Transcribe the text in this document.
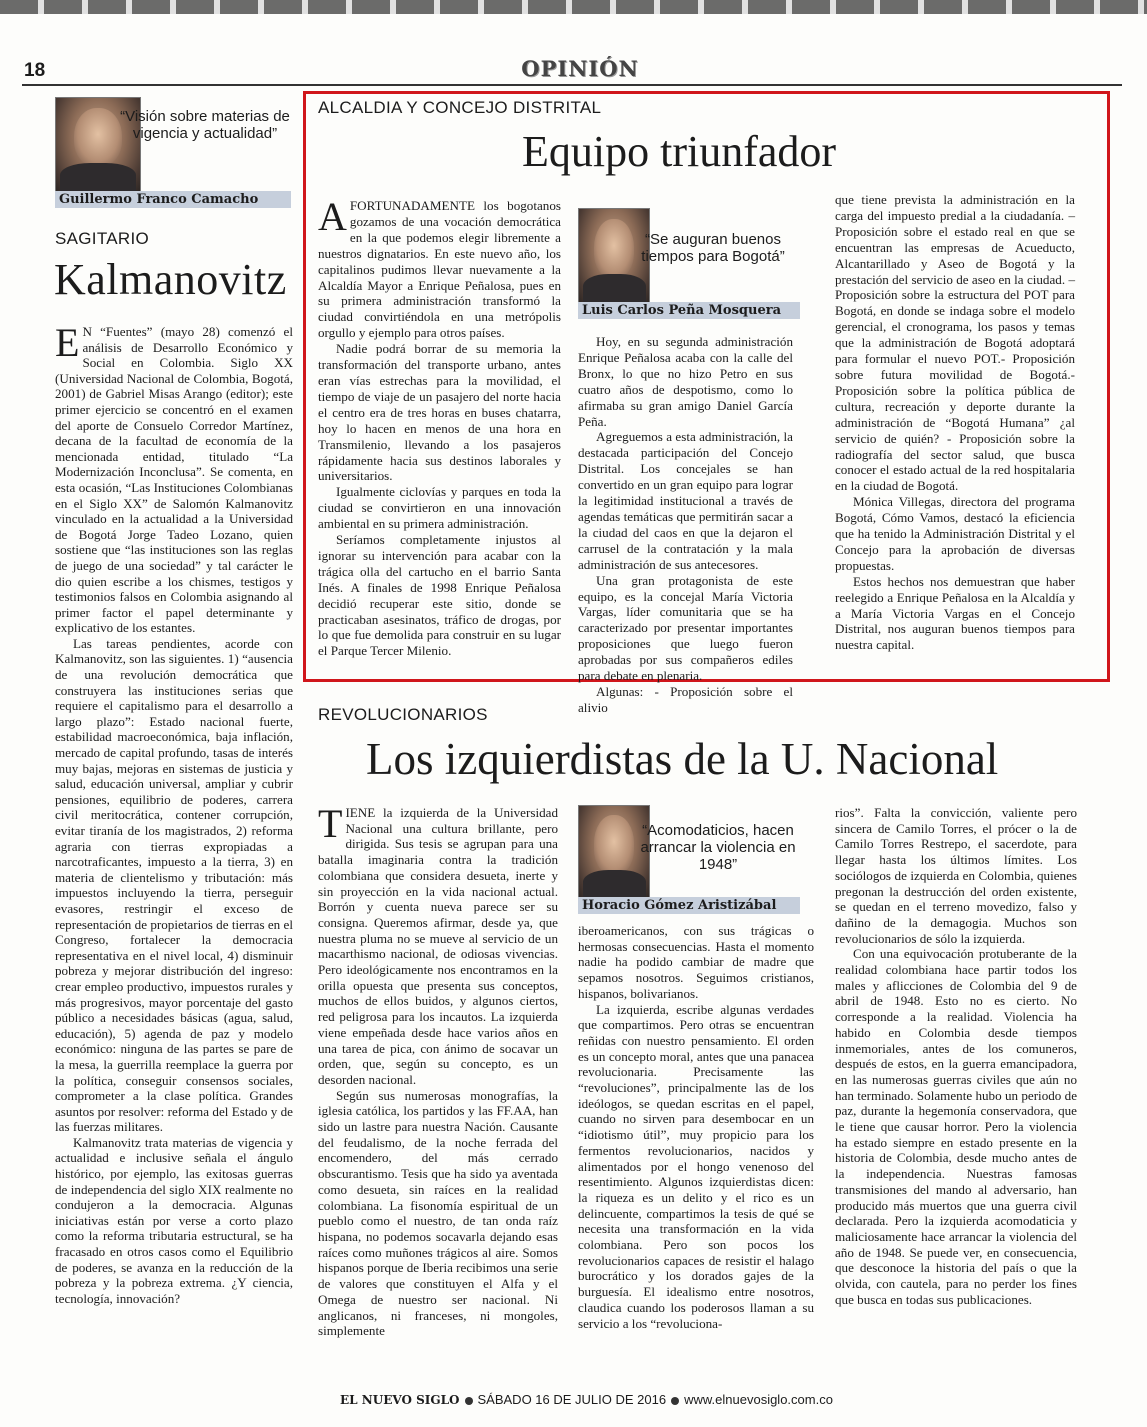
18	OPINIÓN
“Visión sobre materias de vigencia y actualidad”
Guillermo Franco Camacho
SAGITARIO
Kalmanovitz

E N “Fuentes” (mayo 28) comenzó el análisis de Desarrollo Económico y Social en Colombia. Siglo XX (Universidad Nacional de Colombia, Bogotá, 2001) de Gabriel Misas Arango (editor); este primer ejercicio se concentró en el examen del aporte de Consuelo Corredor Martínez, decana de la facultad de economía de la mencionada entidad, titulado “La Modernización Inconclusa”. Se comenta, en esta ocasión, “Las Instituciones Colombianas en el Siglo XX” de Salomón Kalmanovitz vinculado en la actualidad a la Universidad de Bogotá Jorge Tadeo Lozano, quien sostiene que “las instituciones son las reglas de juego de una sociedad” y tal carácter le dio quien escribe a los chismes, testigos y testimonios falsos en Colombia asignando al primer factor el papel determinante y explicativo de los estantes.

Las tareas pendientes, acorde con Kalmanovitz, son las siguientes. 1) “ausencia de una revolución democrática que construyera las instituciones serias que requiere el capitalismo para el desarrollo a largo plazo”: Estado nacional fuerte, estabilidad macroeconómica, baja inflación, mercado de capital profundo, tasas de interés muy bajas, mejoras en sistemas de justicia y salud, educación universal, ampliar y cubrir pensiones, equilibrio de poderes, carrera civil meritocrática, contener corrupción, evitar tiranía de los magistrados, 2) reforma agraria con tierras expropiadas a narcotraficantes, impuesto a la tierra, 3) en materia de clientelismo y tributación: más impuestos incluyendo la tierra, perseguir evasores, restringir el exceso de representación de propietarios de tierras en el Congreso, fortalecer la democracia representativa en el nivel local, 4) disminuir pobreza y mejorar distribución del ingreso: crear empleo productivo, impuestos rurales y más progresivos, mayor porcentaje del gasto público a necesidades básicas (agua, salud, educación), 5) agenda de paz y modelo económico: ninguna de las partes se pare de la mesa, la guerrilla reemplace la guerra por la política, conseguir consensos sociales, comprometer a la clase política. Grandes asuntos por resolver: reforma del Estado y de las fuerzas militares.

Kalmanovitz trata materias de vigencia y actualidad e inclusive señala el ángulo histórico, por ejemplo, las exitosas guerras de independencia del siglo XIX realmente no condujeron a la democracia. Algunas iniciativas están por verse a corto plazo como la reforma tributaria estructural, se ha fracasado en otros casos como el Equilibrio de poderes, se avanza en la reducción de la pobreza y la pobreza extrema. ¿Y ciencia, tecnología, innovación?

ALCALDIA Y CONCEJO DISTRITAL
Equipo triunfador

AFORTUNADAMENTE los bogotanos gozamos de una vocación democrática en la que podemos elegir libremente a nuestros dignatarios. En este nuevo año, los capitalinos pudimos llevar nuevamente a la Alcaldía Mayor a Enrique Peñalosa, pues en su primera administración transformó la ciudad convirtiéndola en una metrópolis orgullo y ejemplo para otros países.

Nadie podrá borrar de su memoria la transformación del transporte urbano, antes eran vías estrechas para la movilidad, el tiempo de viaje de un pasajero del norte hacia el centro era de tres horas en buses chatarra, hoy lo hacen en menos de una hora en Transmilenio, llevando a los pasajeros rápidamente hacia sus destinos laborales y universitarios.

Igualmente ciclovías y parques en toda la ciudad se convirtieron en una innovación ambiental en su primera administración.

Seríamos completamente injustos al ignorar su intervención para acabar con la trágica olla del cartucho en el barrio Santa Inés. A finales de 1998 Enrique Peñalosa decidió recuperar este sitio, donde se practicaban asesinatos, tráfico de drogas, por lo que fue demolida para construir en su lugar el Parque Tercer Milenio.

“Se auguran buenos tiempos para Bogotá”
Luis Carlos Peña Mosquera

Hoy, en su segunda administración Enrique Peñalosa acaba con la calle del Bronx, lo que no hizo Petro en sus cuatro años de despotismo, como lo afirmaba su gran amigo Daniel García Peña.

Agreguemos a esta administración, la destacada participación del Concejo Distrital. Los concejales se han convertido en un gran equipo para lograr la legitimidad institucional a través de agendas temáticas que permitirán sacar a la ciudad del caos en que la dejaron el carrusel de la contratación y la mala administración de sus antecesores.

Una gran protagonista de este equipo, es la concejal María Victoria Vargas, líder comunitaria que se ha caracterizado por presentar importantes proposiciones que luego fueron aprobadas por sus compañeros ediles para debate en plenaria.

Algunas: - Proposición sobre el alivio

que tiene prevista la administración en la carga del impuesto predial a la ciudadanía. – Proposición sobre el estado real en que se encuentran las empresas de Acueducto, Alcantarillado y Aseo de Bogotá y la prestación del servicio de aseo en la ciudad. – Proposición sobre la estructura del POT para Bogotá, en donde se indaga sobre el modelo gerencial, el cronograma, los pasos y temas que la administración de Bogotá adoptará para formular el nuevo POT.- Proposición sobre futura movilidad de Bogotá.- Proposición sobre la política pública de cultura, recreación y deporte durante la administración de “Bogotá Humana” ¿al servicio de quién? - Proposición sobre la radiografía del sector salud, que busca conocer el estado actual de la red hospitalaria en la ciudad de Bogotá.

Mónica Villegas, directora del programa Bogotá, Cómo Vamos, destacó la eficiencia que ha tenido la Administración Distrital y el Concejo para la aprobación de diversas propuestas.

Estos hechos nos demuestran que haber reelegido a Enrique Peñalosa en la Alcaldía y a María Victoria Vargas en el Concejo Distrital, nos auguran buenos tiempos para nuestra capital.

REVOLUCIONARIOS
Los izquierdistas de la U. Nacional

TIENE la izquierda de la Universidad Nacional una cultura brillante, pero dirigida. Sus tesis se agrupan para una batalla imaginaria contra la tradición colombiana que considera desueta, inerte y sin proyección en la vida nacional actual. Borrón y cuenta nueva parece ser su consigna. Queremos afirmar, desde ya, que nuestra pluma no se mueve al servicio de un macarthismo nacional, de odiosas vivencias. Pero ideológicamente nos encontramos en la orilla opuesta que presenta sus conceptos, muchos de ellos buidos, y algunos ciertos, red peligrosa para los incautos. La izquierda viene empeñada desde hace varios años en una tarea de pica, con ánimo de socavar un orden, que, según su concepto, es un desorden nacional.

Según sus numerosas monografías, la iglesia católica, los partidos y las FF.AA, han sido un lastre para nuestra Nación. Causante del feudalismo, de la noche ferrada del encomendero, del más cerrado obscurantismo. Tesis que ha sido ya aventada como desueta, sin raíces en la realidad colombiana. La fisonomía espiritual de un pueblo como el nuestro, de tan onda raíz hispana, no podemos socavarla dejando esas raíces como muñones trágicos al aire. Somos hispanos porque de Iberia recibimos una serie de valores que constituyen el Alfa y el Omega de nuestro ser nacional. Ni anglicanos, ni franceses, ni mongoles, simplemente

“Acomodaticios, hacen arrancar la violencia en 1948”
Horacio Gómez Aristizábal

iberoamericanos, con sus trágicas o hermosas consecuencias. Hasta el momento nadie ha podido cambiar de madre que sepamos nosotros. Seguimos cristianos, hispanos, bolivarianos.

La izquierda, escribe algunas verdades que compartimos. Pero otras se encuentran reñidas con nuestro pensamiento. El orden es un concepto moral, antes que una panacea revolucionaria. Precisamente las “revoluciones”, principalmente las de los ideólogos, se quedan escritas en el papel, cuando no sirven para desembocar en un “idiotismo útil”, muy propicio para los fermentos revolucionarios, nacidos y alimentados por el hongo venenoso del resentimiento. Algunos izquierdistas dicen: la riqueza es un delito y el rico es un delincuente, compartimos la tesis de qué se necesita una transformación en la vida colombiana. Pero son pocos los revolucionarios capaces de resistir el halago burocrático y los dorados gajes de la burguesía. El idealismo entre nosotros, claudica cuando los poderosos llaman a su servicio a los “revoluciona-

rios”. Falta la convicción, valiente pero sincera de Camilo Torres, el prócer o la de Camilo Torres Restrepo, el sacerdote, para llegar hasta los últimos límites. Los sociólogos de izquierda en Colombia, quienes pregonan la destrucción del orden existente, se quedan en el terreno movedizo, falso y dañino de la demagogia. Muchos son revolucionarios de sólo la izquierda.

Con una equivocación protuberante de la realidad colombiana hace partir todos los males y aflicciones de Colombia del 9 de abril de 1948. Esto no es cierto. No corresponde a la realidad. Violencia ha habido en Colombia desde tiempos inmemoriales, antes de los comuneros, después de estos, en la guerra emancipadora, en las numerosas guerras civiles que aún no han terminado. Solamente hubo un periodo de paz, durante la hegemonía conservadora, que le tiene que causar horror. Pero la violencia ha estado siempre en estado presente en la historia de Colombia, desde mucho antes de la independencia. Nuestras famosas transmisiones del mando al adversario, han producido más muertos que una guerra civil declarada. Pero la izquierda acomodaticia y maliciosamente hace arrancar la violencia del año de 1948. Se puede ver, en consecuencia, que desconoce la historia del país o que la olvida, con cautela, para no perder los fines que busca en todas sus publicaciones.

EL NUEVO SIGLO SÁBADO 16 DE JULIO DE 2016 www.elnuevosiglo.com.co
